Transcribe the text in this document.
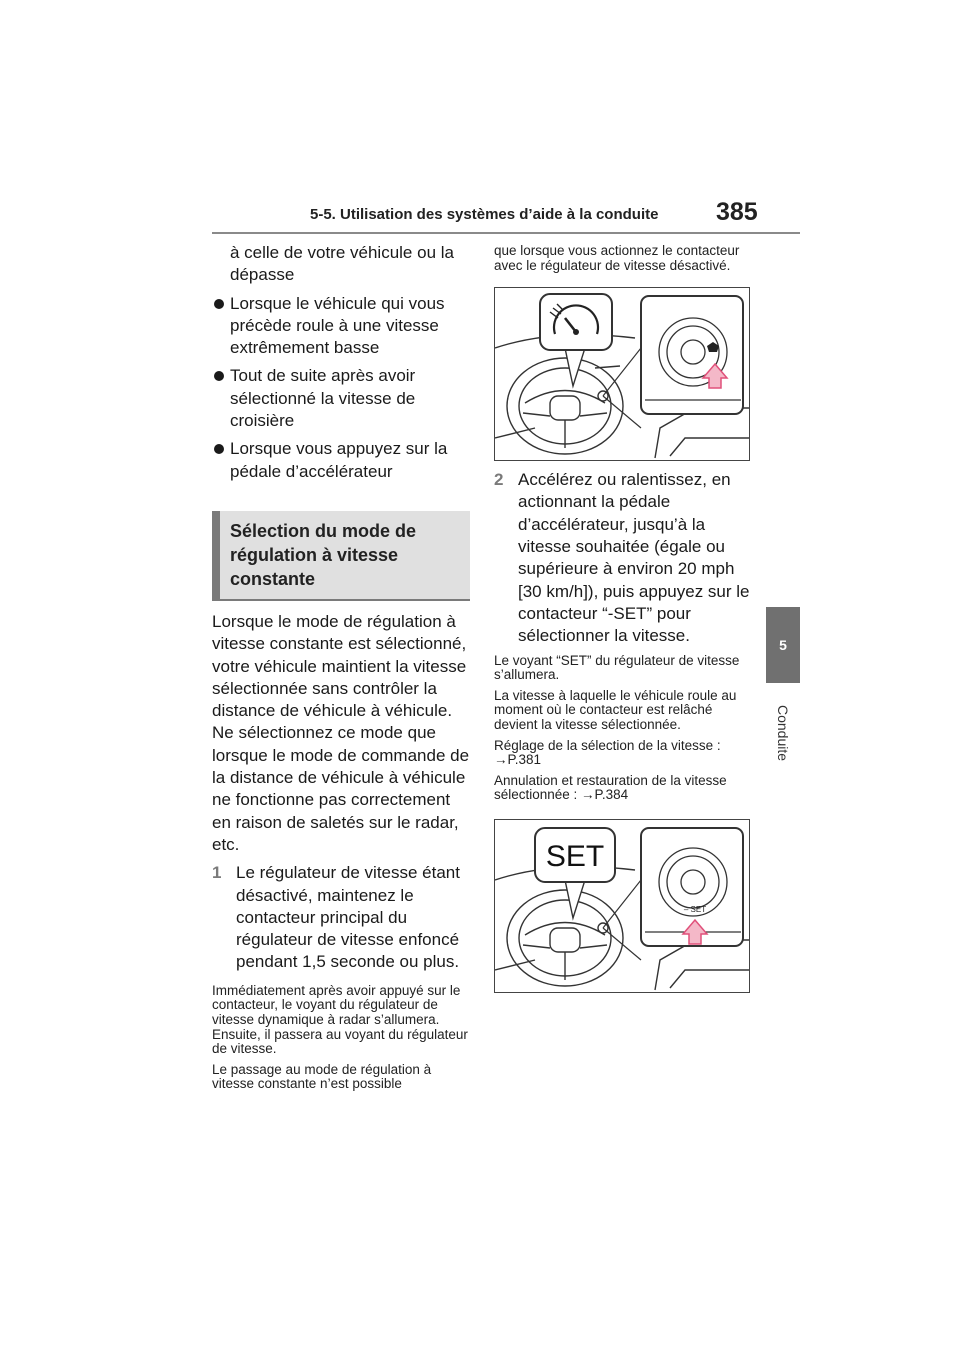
5-5. Utilisation des systèmes d’aide à la conduite 385
5
Conduite

à celle de votre véhicule ou la dépasse

Lorsque le véhicule qui vous précède roule à une vitesse extrêmement basse

Tout de suite après avoir sélectionné la vitesse de croisière

Lorsque vous appuyez sur la pédale d’accélérateur

Sélection du mode de régulation à vitesse constante

Lorsque le mode de régulation à vitesse constante est sélectionné, votre véhicule maintient la vitesse sélectionnée sans contrôler la distance de véhicule à véhicule. Ne sélectionnez ce mode que lorsque le mode de commande de la distance de véhicule à véhicule ne fonctionne pas correctement en raison de saletés sur le radar, etc.

1 Le régulateur de vitesse étant désactivé, maintenez le contacteur principal du régulateur de vitesse enfoncé pendant 1,5 seconde ou plus.

Immédiatement après avoir appuyé sur le contacteur, le voyant du régulateur de vitesse dynamique à radar s’allumera. Ensuite, il passera au voyant du régulateur de vitesse.

Le passage au mode de régulation à vitesse constante n’est possible

que lorsque vous actionnez le contacteur avec le régulateur de vitesse désactivé.

2 Accélérez ou ralentissez, en actionnant la pédale d’accélérateur, jusqu’à la vitesse souhaitée (égale ou supérieure à environ 20 mph [30 km/h]), puis appuyez sur le contacteur “-SET” pour sélectionner la vitesse.

Le voyant “SET” du régulateur de vitesse s’allumera.

La vitesse à laquelle le véhicule roule au moment où le contacteur est relâché devient la vitesse sélectionnée.

Réglage de la sélection de la vitesse : →P.381

Annulation et restauration de la vitesse sélectionnée : →P.384

SET
– SET
